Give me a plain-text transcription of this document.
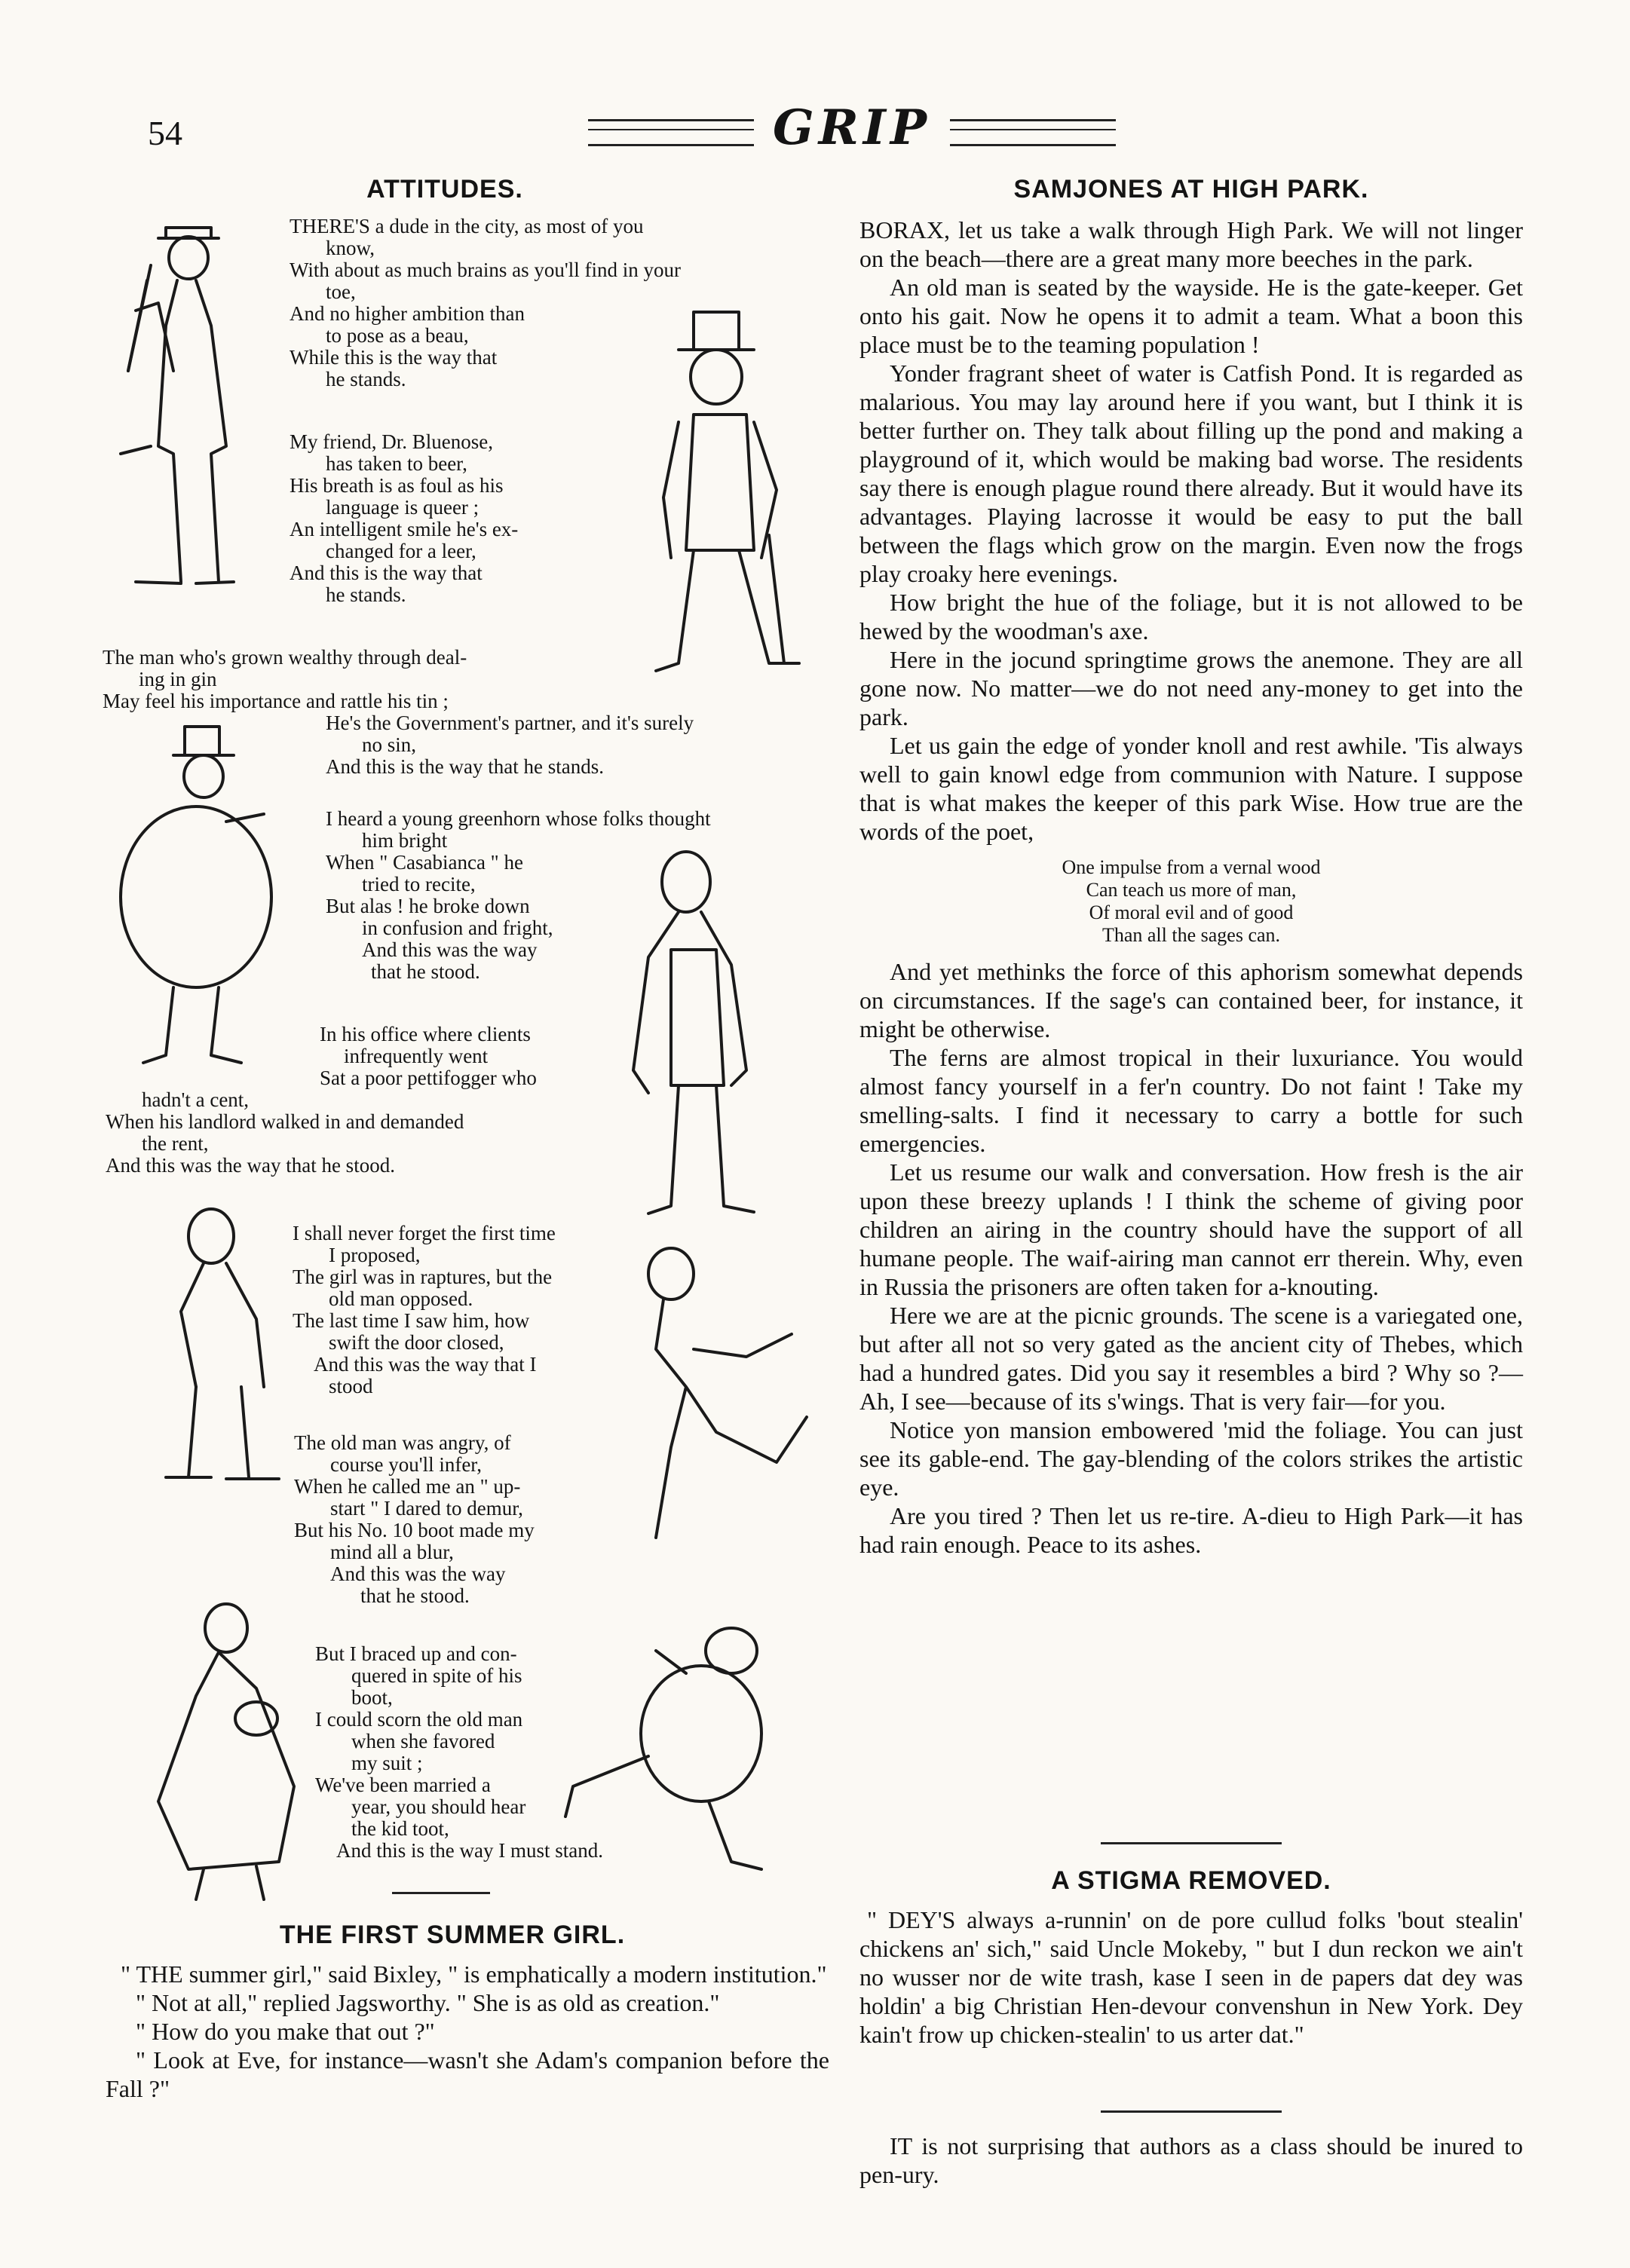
54	GRIP
ATTITUDES.
THERE'S a dude in the city, as most of you
know,
With about as much brains as you'll find in your
toe,
And no higher ambition than
to pose as a beau,
While this is the way that
he stands.
My friend, Dr. Bluenose,
has taken to beer,
His breath is as foul as his
language is queer ;
An intelligent smile he's ex-
changed for a leer,
And this is the way that
he stands.
The man who's grown wealthy through deal-
ing in gin
May feel his importance and rattle his tin ;
He's the Government's partner, and it's surely
no sin,
And this is the way that he stands.
I heard a young greenhorn whose folks thought
him bright
When " Casabianca " he
tried to recite,
But alas ! he broke down
in confusion and fright,
And this was the way
that he stood.
In his office where clients
infrequently went
Sat a poor pettifogger who
hadn't a cent,
When his landlord walked in and demanded
the rent,
And this was the way that he stood.
I shall never forget the first time
I proposed,
The girl was in raptures, but the
old man opposed.
The last time I saw him, how
swift the door closed,
And this was the way that I
stood
The old man was angry, of
course you'll infer,
When he called me an " up-
start " I dared to demur,
But his No. 10 boot made my
mind all a blur,
And this was the way
that he stood.
But I braced up and con-
quered in spite of his
boot,
I could scorn the old man
when she favored
my suit ;
We've been married a
year, you should hear
the kid toot,
And this is the way I must stand.
THE FIRST SUMMER GIRL.

" THE summer girl," said Bixley, " is emphatically a modern institution."

" Not at all," replied Jagsworthy. " She is as old as creation."

" How do you make that out ?"

" Look at Eve, for instance—wasn't she Adam's companion before the Fall ?"

SAMJONES AT HIGH PARK.

BORAX, let us take a walk through High Park. We will not linger on the beach—there are a great many more beeches in the park.

An old man is seated by the wayside. He is the gate-keeper. Get onto his gait. Now he opens it to admit a team. What a boon this place must be to the teaming population !

Yonder fragrant sheet of water is Catfish Pond. It is regarded as malarious. You may lay around here if you want, but I think it is better further on. They talk about filling up the pond and making a playground of it, which would be making bad worse. The residents say there is enough plague round there already. But it would have its advantages. Playing lacrosse it would be easy to put the ball between the flags which grow on the margin. Even now the frogs play croaky here evenings.

How bright the hue of the foliage, but it is not allowed to be hewed by the woodman's axe.

Here in the jocund springtime grows the anemone. They are all gone now. No matter—we do not need any-money to get into the park.

Let us gain the edge of yonder knoll and rest awhile. 'Tis always well to gain knowl edge from communion with Nature. I suppose that is what makes the keeper of this park Wise. How true are the words of the poet,

One impulse from a vernal wood
Can teach us more of man,
Of moral evil and of good
Than all the sages can.

And yet methinks the force of this aphorism somewhat depends on circumstances. If the sage's can contained beer, for instance, it might be otherwise.

The ferns are almost tropical in their luxuriance. You would almost fancy yourself in a fer'n country. Do not faint ! Take my smelling-salts. I find it necessary to carry a bottle for such emergencies.

Let us resume our walk and conversation. How fresh is the air upon these breezy uplands ! I think the scheme of giving poor children an airing in the country should have the support of all humane people. The waif-airing man cannot err therein. Why, even in Russia the prisoners are often taken for a-knouting.

Here we are at the picnic grounds. The scene is a variegated one, but after all not so very gated as the ancient city of Thebes, which had a hundred gates. Did you say it resembles a bird ? Why so ?—Ah, I see—because of its s'wings. That is very fair—for you.

Notice yon mansion embowered 'mid the foliage. You can just see its gable-end. The gay-blending of the colors strikes the artistic eye.

Are you tired ? Then let us re-tire. A-dieu to High Park—it has had rain enough. Peace to its ashes.

A STIGMA REMOVED.

" DEY'S always a-runnin' on de pore cullud folks 'bout stealin' chickens an' sich," said Uncle Mokeby, " but I dun reckon we ain't no wusser nor de wite trash, kase I seen in de papers dat dey was holdin' a big Christian Hen-devour convenshun in New York. Dey kain't frow up chicken-stealin' to us arter dat."

IT is not surprising that authors as a class should be inured to pen-ury.
